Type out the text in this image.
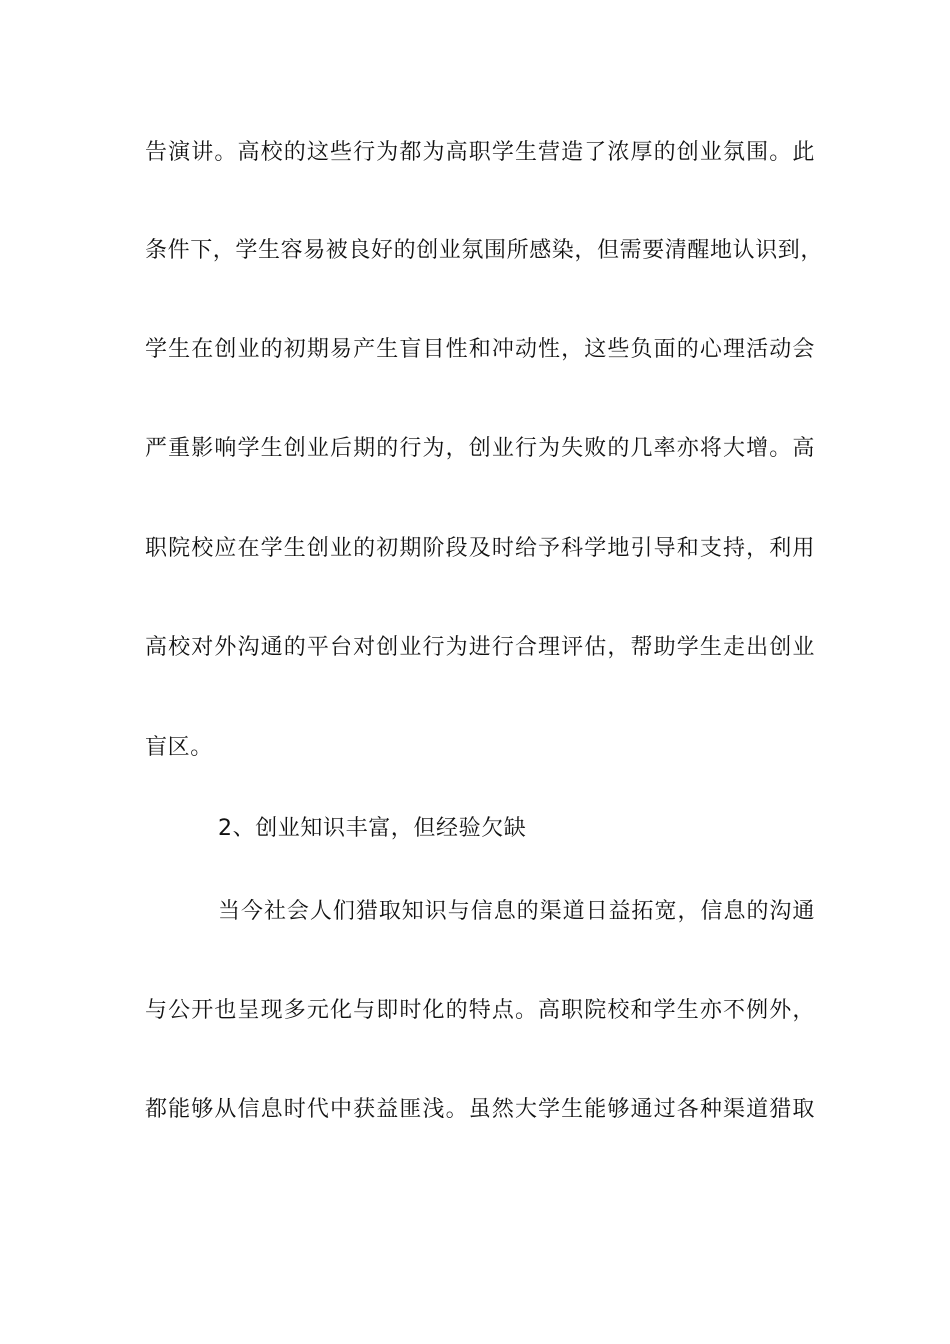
告演讲。高校的这些行为都为高职学生营造了浓厚的创业氛围。此
条件下，学生容易被良好的创业氛围所感染，但需要清醒地认识到，
学生在创业的初期易产生盲目性和冲动性，这些负面的心理活动会
严重影响学生创业后期的行为，创业行为失败的几率亦将大增。高
职院校应在学生创业的初期阶段及时给予科学地引导和支持，利用
高校对外沟通的平台对创业行为进行合理评估，帮助学生走出创业
盲区。
2、创业知识丰富，但经验欠缺
当今社会人们猎取知识与信息的渠道日益拓宽，信息的沟通
与公开也呈现多元化与即时化的特点。高职院校和学生亦不例外，
都能够从信息时代中获益匪浅。虽然大学生能够通过各种渠道猎取
